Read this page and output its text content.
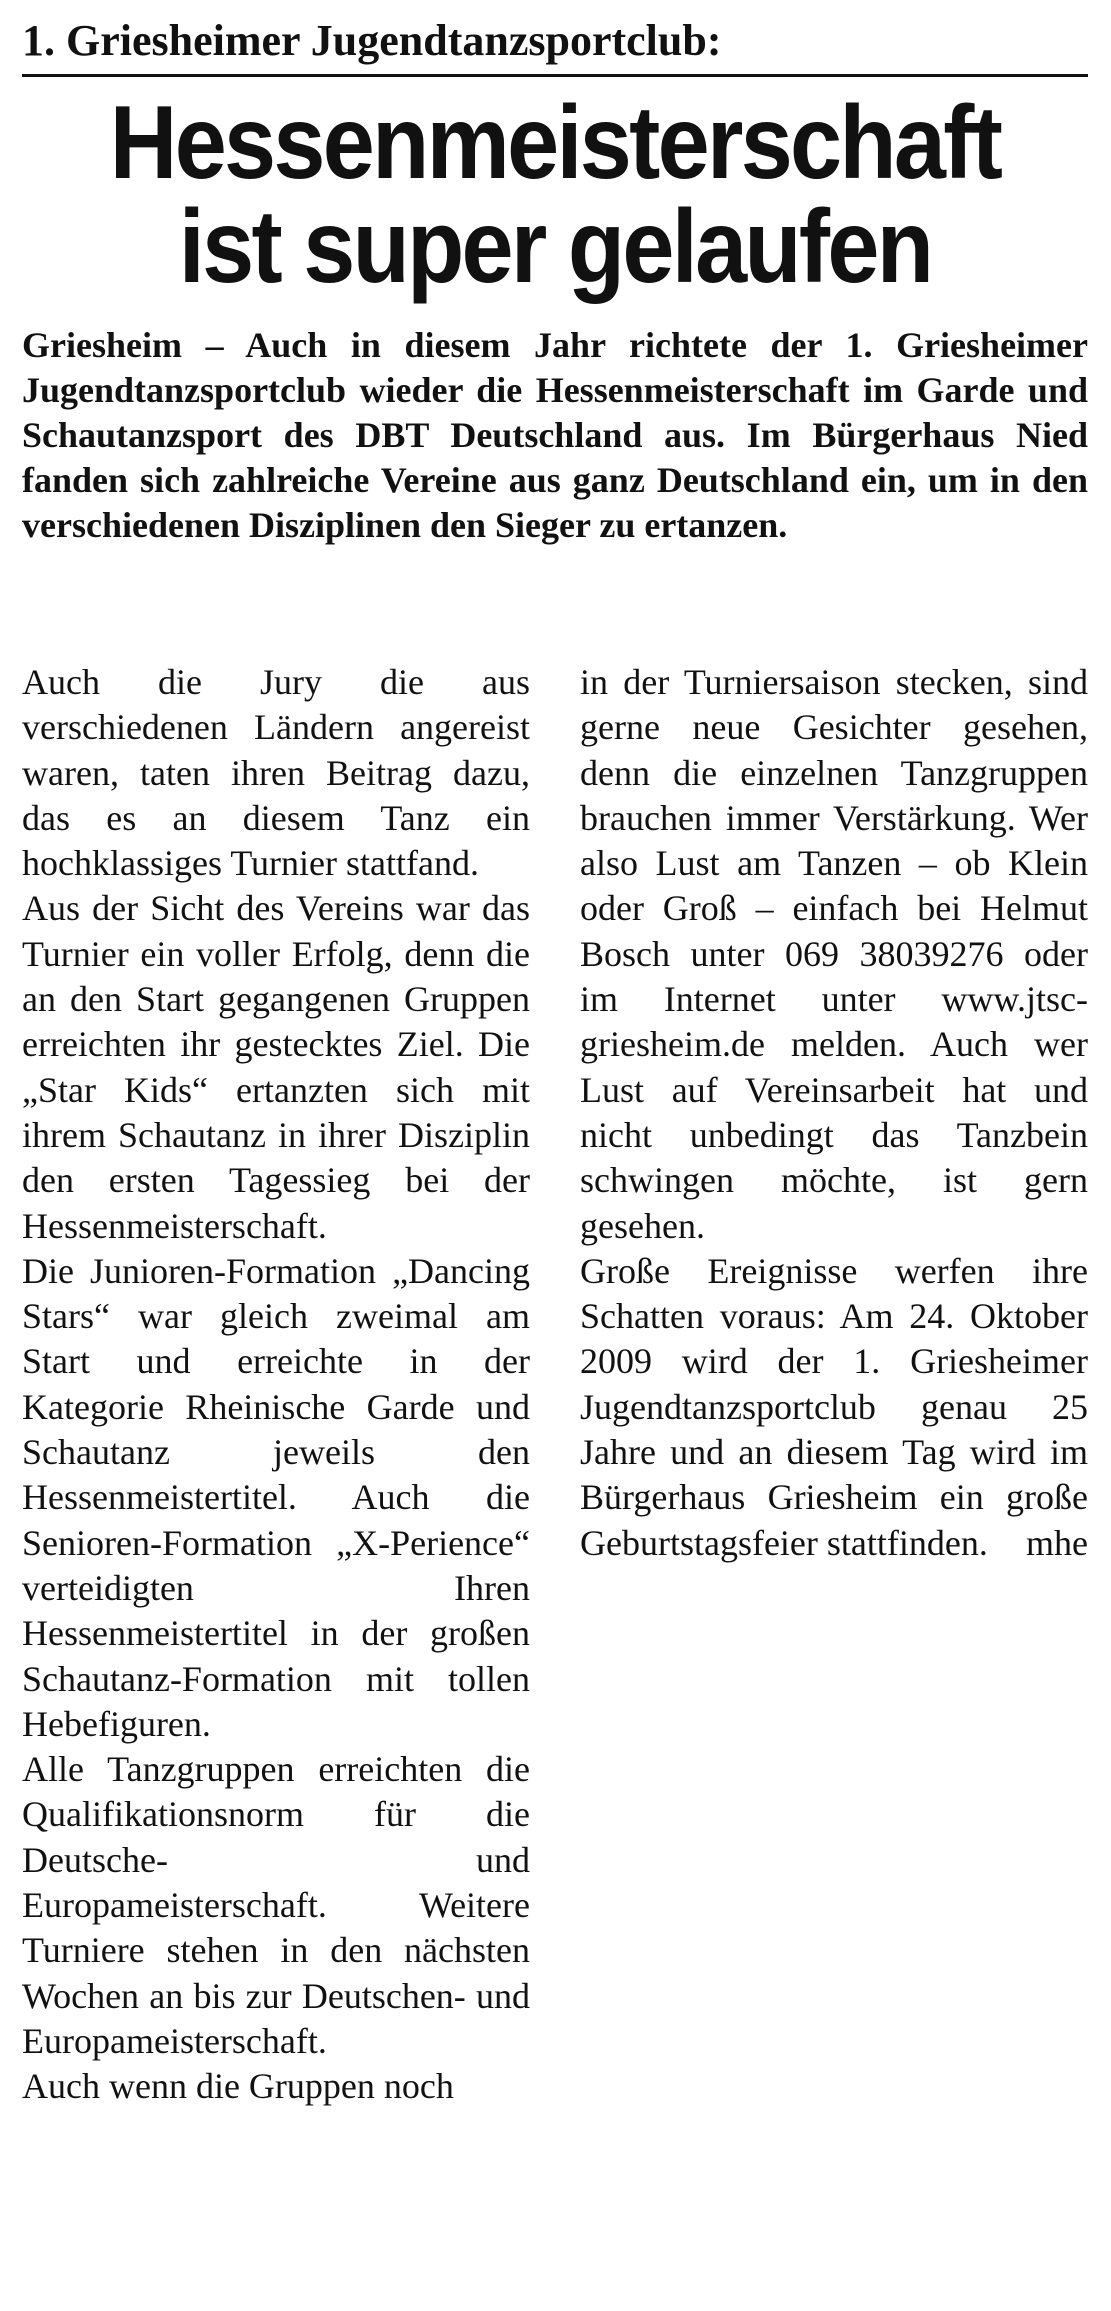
1. Griesheimer Jugendtanzsportclub:
Hessenmeisterschaft
ist super gelaufen

Griesheim – Auch in diesem Jahr richtete der 1. Griesheimer Jugendtanzsportclub wieder die Hessenmeisterschaft im Garde und Schautanzsport des DBT Deutschland aus. Im Bürgerhaus Nied fanden sich zahlreiche Vereine aus ganz Deutschland ein, um in den verschiedenen Disziplinen den Sieger zu ertanzen.

Auch die Jury die aus verschiedenen Ländern angereist waren, taten ihren Beitrag dazu, das es an diesem Tanz ein hochklassiges Turnier stattfand.

Aus der Sicht des Vereins war das Turnier ein voller Erfolg, denn die an den Start gegangenen Gruppen erreichten ihr gestecktes Ziel. Die „Star Kids“ ertanzten sich mit ihrem Schautanz in ihrer Disziplin den ersten Tagessieg bei der Hessenmeisterschaft.

Die Junioren-Formation „Dancing Stars“ war gleich zweimal am Start und erreichte in der Kategorie Rheinische Garde und Schautanz jeweils den Hessenmeistertitel. Auch die Senioren-Formation „X-Perience“ verteidigten Ihren Hessenmeistertitel in der großen Schautanz-Formation mit tollen Hebefiguren.

Alle Tanzgruppen erreichten die Qualifikationsnorm für die Deutsche- und Europameisterschaft. Weitere Turniere stehen in den nächsten Wochen an bis zur Deutschen- und Europameisterschaft.

Auch wenn die Gruppen noch

in der Turniersaison stecken, sind gerne neue Gesichter gesehen, denn die einzelnen Tanzgruppen brauchen immer Verstärkung. Wer also Lust am Tanzen – ob Klein oder Groß – einfach bei Helmut Bosch unter 069 38039276 oder im Internet unter www.jtsc-griesheim.de melden. Auch wer Lust auf Vereinsarbeit hat und nicht unbedingt das Tanzbein schwingen möchte, ist gern gesehen.

Große Ereignisse werfen ihre Schatten voraus: Am 24. Oktober 2009 wird der 1. Griesheimer Jugendtanzsportclub genau 25 Jahre und an diesem Tag wird im Bürgerhaus Griesheim ein große Geburtstagsfeier stattfinden. mhe
